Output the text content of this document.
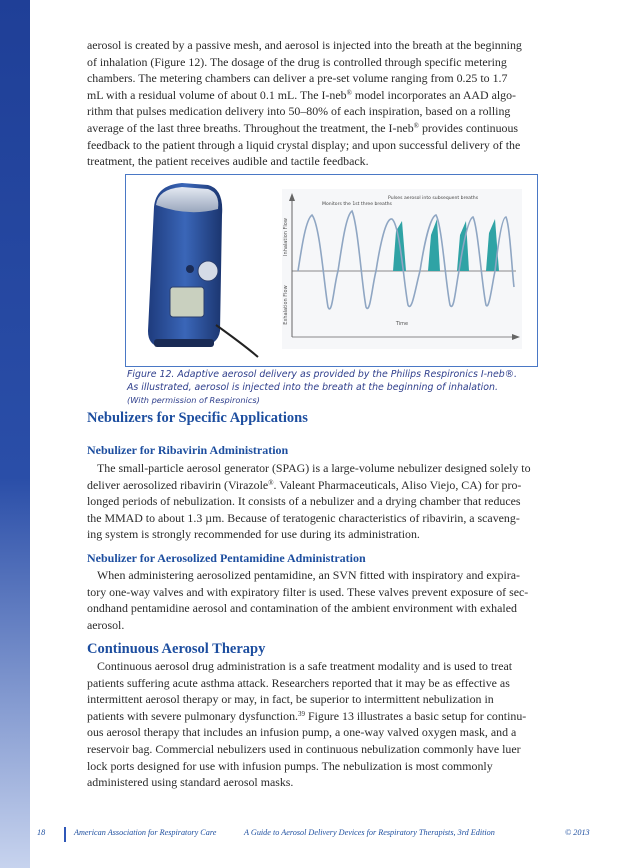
aerosol is created by a passive mesh, and aerosol is injected into the breath at the beginning

of inhalation (Figure 12). The dosage of the drug is controlled through specific metering

chambers. The metering chambers can deliver a pre-set volume ranging from 0.25 to 1.7

mL with a residual volume of about 0.1 mL. The I-neb® model incorporates an AAD algo-

rithm that pulses medication delivery into 50–80% of each inspiration, based on a rolling

average of the last three breaths. Throughout the treatment, the I-neb® provides continuous

feedback to the patient through a liquid crystal display; and upon successful delivery of the

treatment, the patient receives audible and tactile feedback.

Inhalation Flow
Exhalation Flow	Time
Monitors the 1st three breaths
Pulses aerosol into subsequent breaths
Figure 12. Adaptive aerosol delivery as provided by the Philips Respironics I-neb®.
As illustrated, aerosol is injected into the breath at the beginning of inhalation.
(With permission of Respironics)
Nebulizers for Specific Applications
Nebulizer for Ribavirin Administration

The small-particle aerosol generator (SPAG) is a large-volume nebulizer designed solely to

deliver aerosolized ribavirin (Virazole®. Valeant Pharmaceuticals, Aliso Viejo, CA) for pro-

longed periods of nebulization. It consists of a nebulizer and a drying chamber that reduces

the MMAD to about 1.3 µm. Because of teratogenic characteristics of ribavirin, a scaveng-

ing system is strongly recommended for use during its administration.

Nebulizer for Aerosolized Pentamidine Administration

When administering aerosolized pentamidine, an SVN fitted with inspiratory and expira-

tory one-way valves and with expiratory filter is used. These valves prevent exposure of sec-

ondhand pentamidine aerosol and contamination of the ambient environment with exhaled

aerosol.

Continuous Aerosol Therapy

Continuous aerosol drug administration is a safe treatment modality and is used to treat

patients suffering acute asthma attack. Researchers reported that it may be as effective as

intermittent aerosol therapy or may, in fact, be superior to intermittent nebulization in

patients with severe pulmonary dysfunction.$^{39}$ Figure 13 illustrates a basic setup for continu-

ous aerosol therapy that includes an infusion pump, a one-way valved oxygen mask, and a

reservoir bag. Commercial nebulizers used in continuous nebulization commonly have luer

lock ports designed for use with infusion pumps. The nebulization is most commonly

administered using standard aerosol masks.

18	American Association for Respiratory Care	A Guide to Aerosol Delivery Devices for Respiratory Therapists, 3rd Edition	© 2013
